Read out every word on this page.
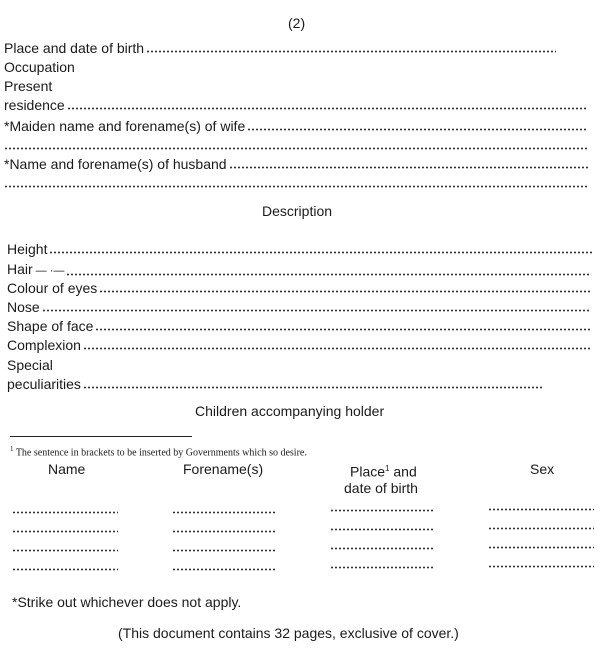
(2)
Place and date of birth
Occupation
Present
residence
*Maiden name and forename(s) of wife
*Name and forename(s) of husband
Description
Height
Hair — ·—
Colour of eyes
Nose
Shape of face
Complexion
Special
peculiarities
Children accompanying holder
$^1$ The sentence in brackets to be inserted by Governments which so desire.
Name	Forename(s)	Place$^1$ and
date of birth
Sex
*Strike out whichever does not apply.
(This document contains 32 pages, exclusive of cover.)
